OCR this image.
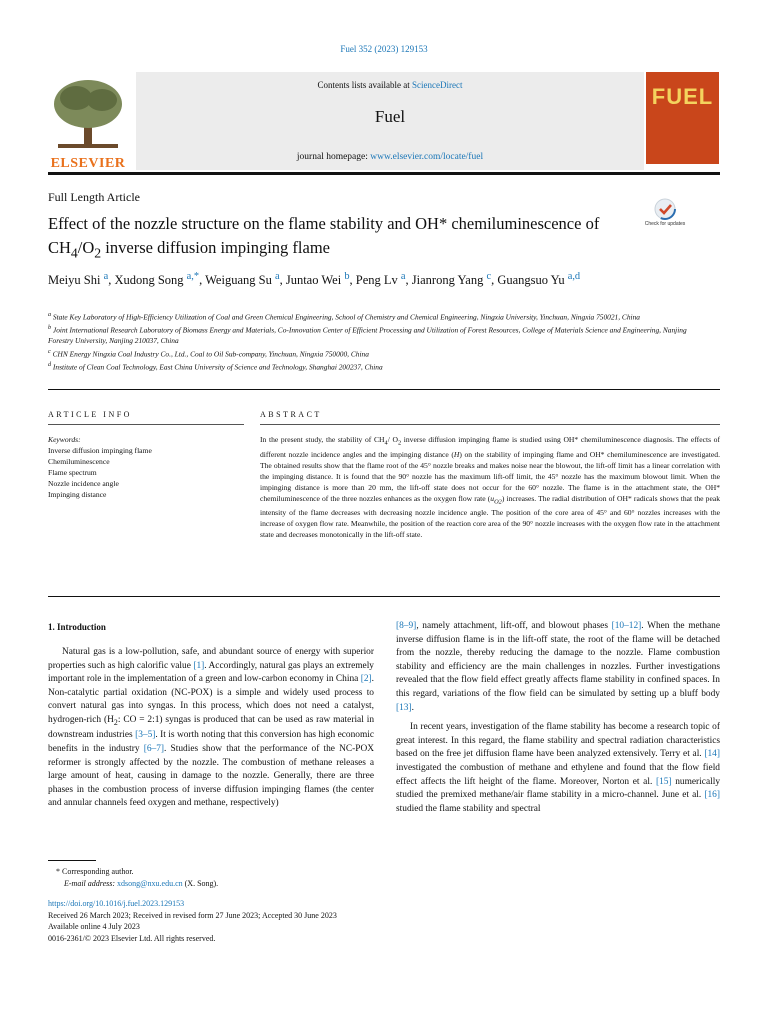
Fuel 352 (2023) 129153
ELSEVIER
Contents lists available at ScienceDirect
Fuel
journal homepage: www.elsevier.com/locate/fuel
FUEL
Full Length Article
Effect of the nozzle structure on the flame stability and OH* chemiluminescence of $CH_4/O_2$ inverse diffusion impinging flame
Check for updates
Meiyu Shi $^a$, Xudong Song $^{a,*}$, Weiguang Su $^a$, Juntao Wei $^b$, Peng Lv $^a$, Jianrong Yang $^c$, Guangsuo Yu $^{a,d}$
$^a$ State Key Laboratory of High-Efficiency Utilization of Coal and Green Chemical Engineering, School of Chemistry and Chemical Engineering, Ningxia University, Yinchuan, Ningxia 750021, China
$^b$ Joint International Research Laboratory of Biomass Energy and Materials, Co-Innovation Center of Efficient Processing and Utilization of Forest Resources, College of Materials Science and Engineering, Nanjing Forestry University, Nanjing 210037, China
$^c$ CHN Energy Ningxia Coal Industry Co., Ltd., Coal to Oil Sub-company, Yinchuan, Ningxia 750000, China
$^d$ Institute of Clean Coal Technology, East China University of Science and Technology, Shanghai 200237, China
ARTICLE INFO	ABSTRACT
Keywords:
Inverse diffusion impinging flame
Chemiluminescence
Flame spectrum
Nozzle incidence angle
Impinging distance
In the present study, the stability of $CH_4/$ $O_2$ inverse diffusion impinging flame is studied using OH* chemiluminescence diagnosis. The effects of different nozzle incidence angles and the impinging distance (H) on the stability of impinging flame and OH* chemiluminescence are investigated. The obtained results show that the flame root of the 45° nozzle breaks and makes noise near the blowout, the lift-off limit has a linear correlation with the impinging distance. It is found that the 90° nozzle has the maximum lift-off limit, the 45° nozzle has the maximum blowout limit. When the impinging distance is more than 20 mm, the lift-off state does not occur for the 60° nozzle. The flame is in the attachment state, the OH* chemiluminescence of the three nozzles enhances as the oxygen flow rate $(u_{O2})$ increases. The radial distribution of OH* radicals shows that the peak intensity of the flame decreases with decreasing nozzle incidence angle. The position of the core area of 45° and 60° nozzles increases with the increase of oxygen flow rate. Meanwhile, the position of the reaction core area of the 90° nozzle increases with the oxygen flow rate in the attachment state and decreases monotonically in the lift-off state.
1. Introduction

Natural gas is a low-pollution, safe, and abundant source of energy with superior properties such as high calorific value [1]. Accordingly, natural gas plays an extremely important role in the implementation of a green and low-carbon economy in China [2]. Non-catalytic partial oxidation (NC-POX) is a simple and widely used process to convert natural gas into syngas. In this process, which does not need a catalyst, hydrogen-rich ($H_2$: CO = 2:1) syngas is produced that can be used as raw material in downstream industries [3–5]. It is worth noting that this conversion has high economic benefits in the industry [6–7]. Studies show that the performance of the NC-POX reformer is strongly affected by the nozzle. The combustion of methane releases a large amount of heat, causing in damage to the nozzle. Generally, there are three phases in the combustion process of inverse diffusion impinging flames (the center and annular channels feed oxygen and methane, respectively)

[8–9], namely attachment, lift-off, and blowout phases [10–12]. When the methane inverse diffusion flame is in the lift-off state, the root of the flame will be detached from the nozzle, thereby reducing the damage to the nozzle. Flame combustion stability and efficiency are the main challenges in nozzles. Further investigations revealed that the flow field effect greatly affects flame stability in confined spaces. In this regard, variations of the flow field can be simulated by setting up a bluff body [13].

In recent years, investigation of the flame stability has become a research topic of great interest. In this regard, the flame stability and spectral radiation characteristics based on the free jet diffusion flame have been analyzed extensively. Terry et al. [14] investigated the combustion of methane and ethylene and found that the flow field effect affects the lift height of the flame. Moreover, Norton et al. [15] numerically studied the premixed methane/air flame stability in a micro-channel. June et al. [16] studied the flame stability and spectral

* Corresponding author.
E-mail address: xdsong@nxu.edu.cn (X. Song).
https://doi.org/10.1016/j.fuel.2023.129153
Received 26 March 2023; Received in revised form 27 June 2023; Accepted 30 June 2023
Available online 4 July 2023
0016-2361/© 2023 Elsevier Ltd. All rights reserved.
